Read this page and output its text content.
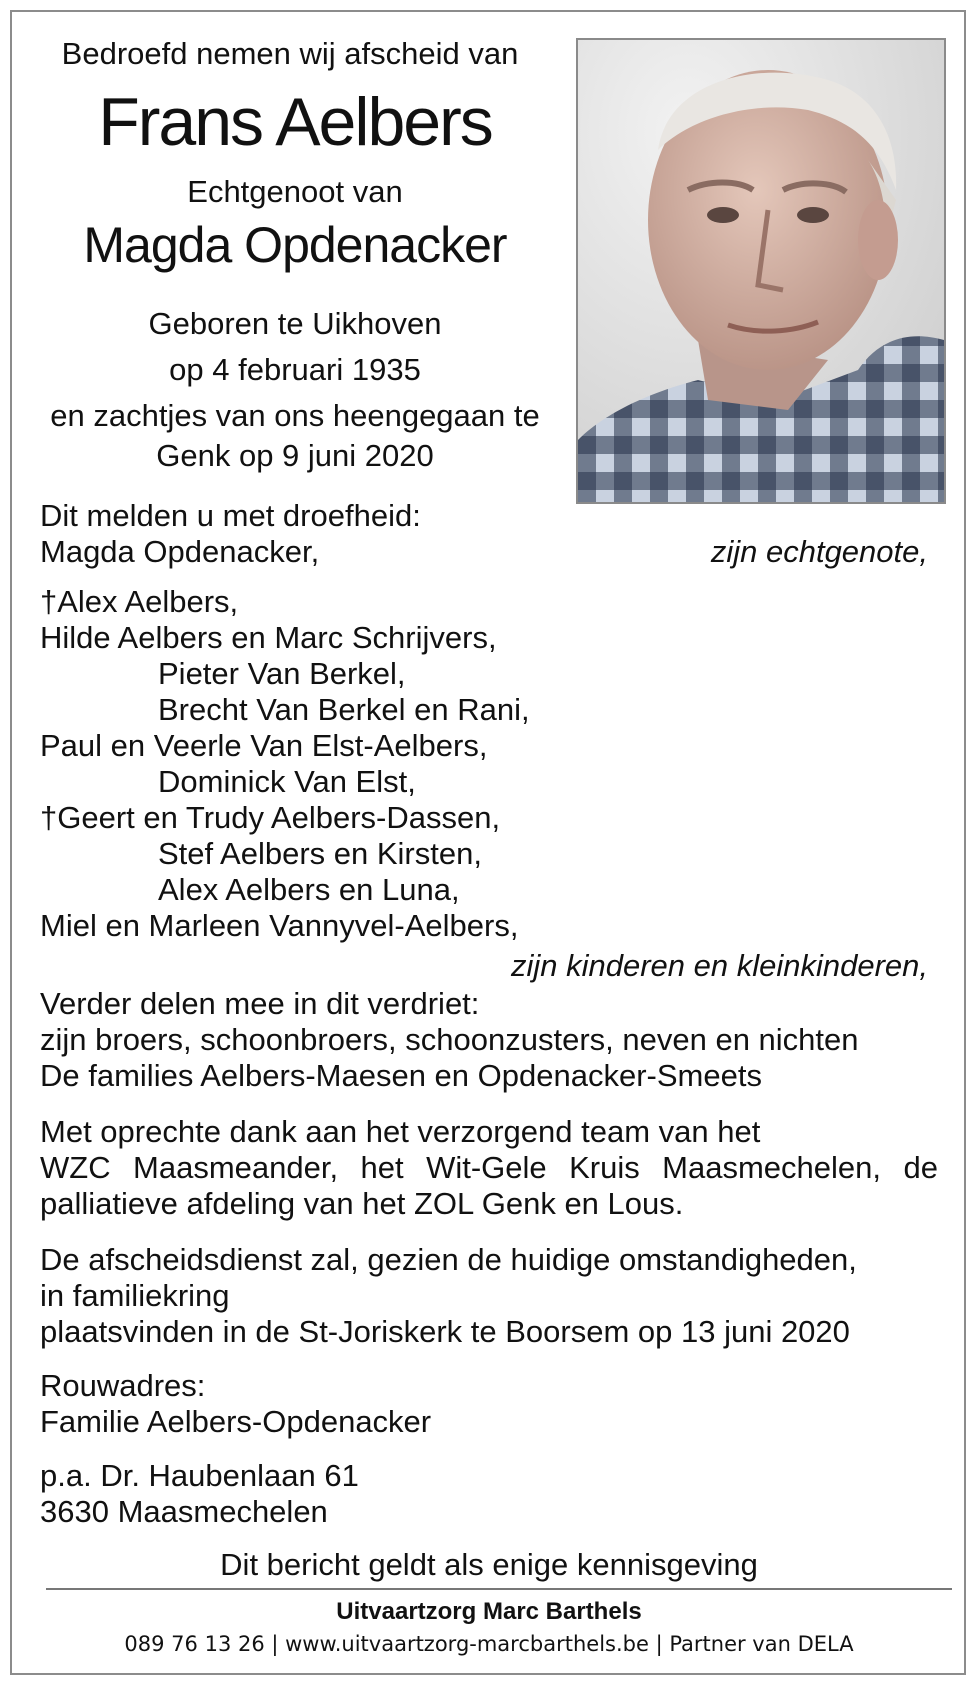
Bedroefd nemen wij afscheid van
Frans Aelbers
Echtgenoot van
Magda Opdenacker
Geboren te Uikhoven
op 4 februari 1935
en zachtjes van ons heengegaan te
Genk op 9 juni 2020
Dit melden u met droefheid:
Magda Opdenacker,	zijn echtgenote,
†Alex Aelbers,
Hilde Aelbers en Marc Schrijvers,
Pieter Van Berkel,
Brecht Van Berkel en Rani,
Paul en Veerle Van Elst-Aelbers,
Dominick Van Elst,
†Geert en Trudy Aelbers-Dassen,
Stef Aelbers en Kirsten,
Alex Aelbers en Luna,
Miel en Marleen Vannyvel-Aelbers,
zijn kinderen en kleinkinderen,
Verder delen mee in dit verdriet:
zijn broers, schoonbroers, schoonzusters, neven en nichten
De families Aelbers-Maesen en Opdenacker-Smeets
Met oprechte dank aan het verzorgend team van het
WZC Maasmeander, het Wit-Gele Kruis Maasmechelen, de
palliatieve afdeling van het ZOL Genk en Lous.
De afscheidsdienst zal, gezien de huidige omstandigheden,
in familiekring
plaatsvinden in de St-Joriskerk te Boorsem op 13 juni 2020
Rouwadres:
Familie Aelbers-Opdenacker
p.a. Dr. Haubenlaan 61
3630 Maasmechelen
Dit bericht geldt als enige kennisgeving
Uitvaartzorg Marc Barthels
089 76 13 26 | www.uitvaartzorg-marcbarthels.be | Partner van DELA
